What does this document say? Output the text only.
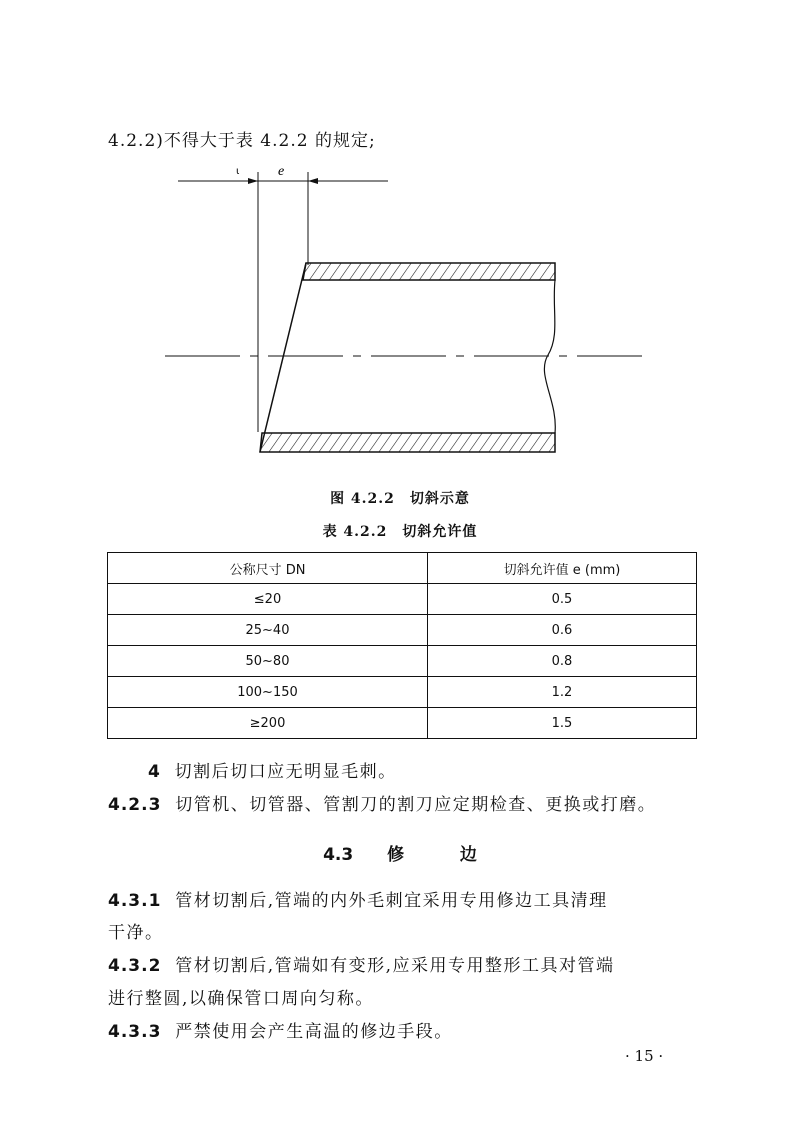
4.2.2)不得大于表 4.2.2 的规定;
e
ι
图 4.2.2　切斜示意
表 4.2.2　切斜允许值
公称尺寸 DN	切斜允许值 e (mm)
≤20	0.5
25~40	0.6
50~80	0.8
100~150	1.2
≥200	1.5
4 切割后切口应无明显毛刺。
4.2.3 切管机、切管器、管割刀的割刀应定期检查、更换或打磨。
4.3 修	边
4.3.1 管材切割后,管端的内外毛刺宜采用专用修边工具清理
干净。
4.3.2 管材切割后,管端如有变形,应采用专用整形工具对管端
进行整圆,以确保管口周向匀称。
4.3.3 严禁使用会产生高温的修边手段。
· 15 ·
